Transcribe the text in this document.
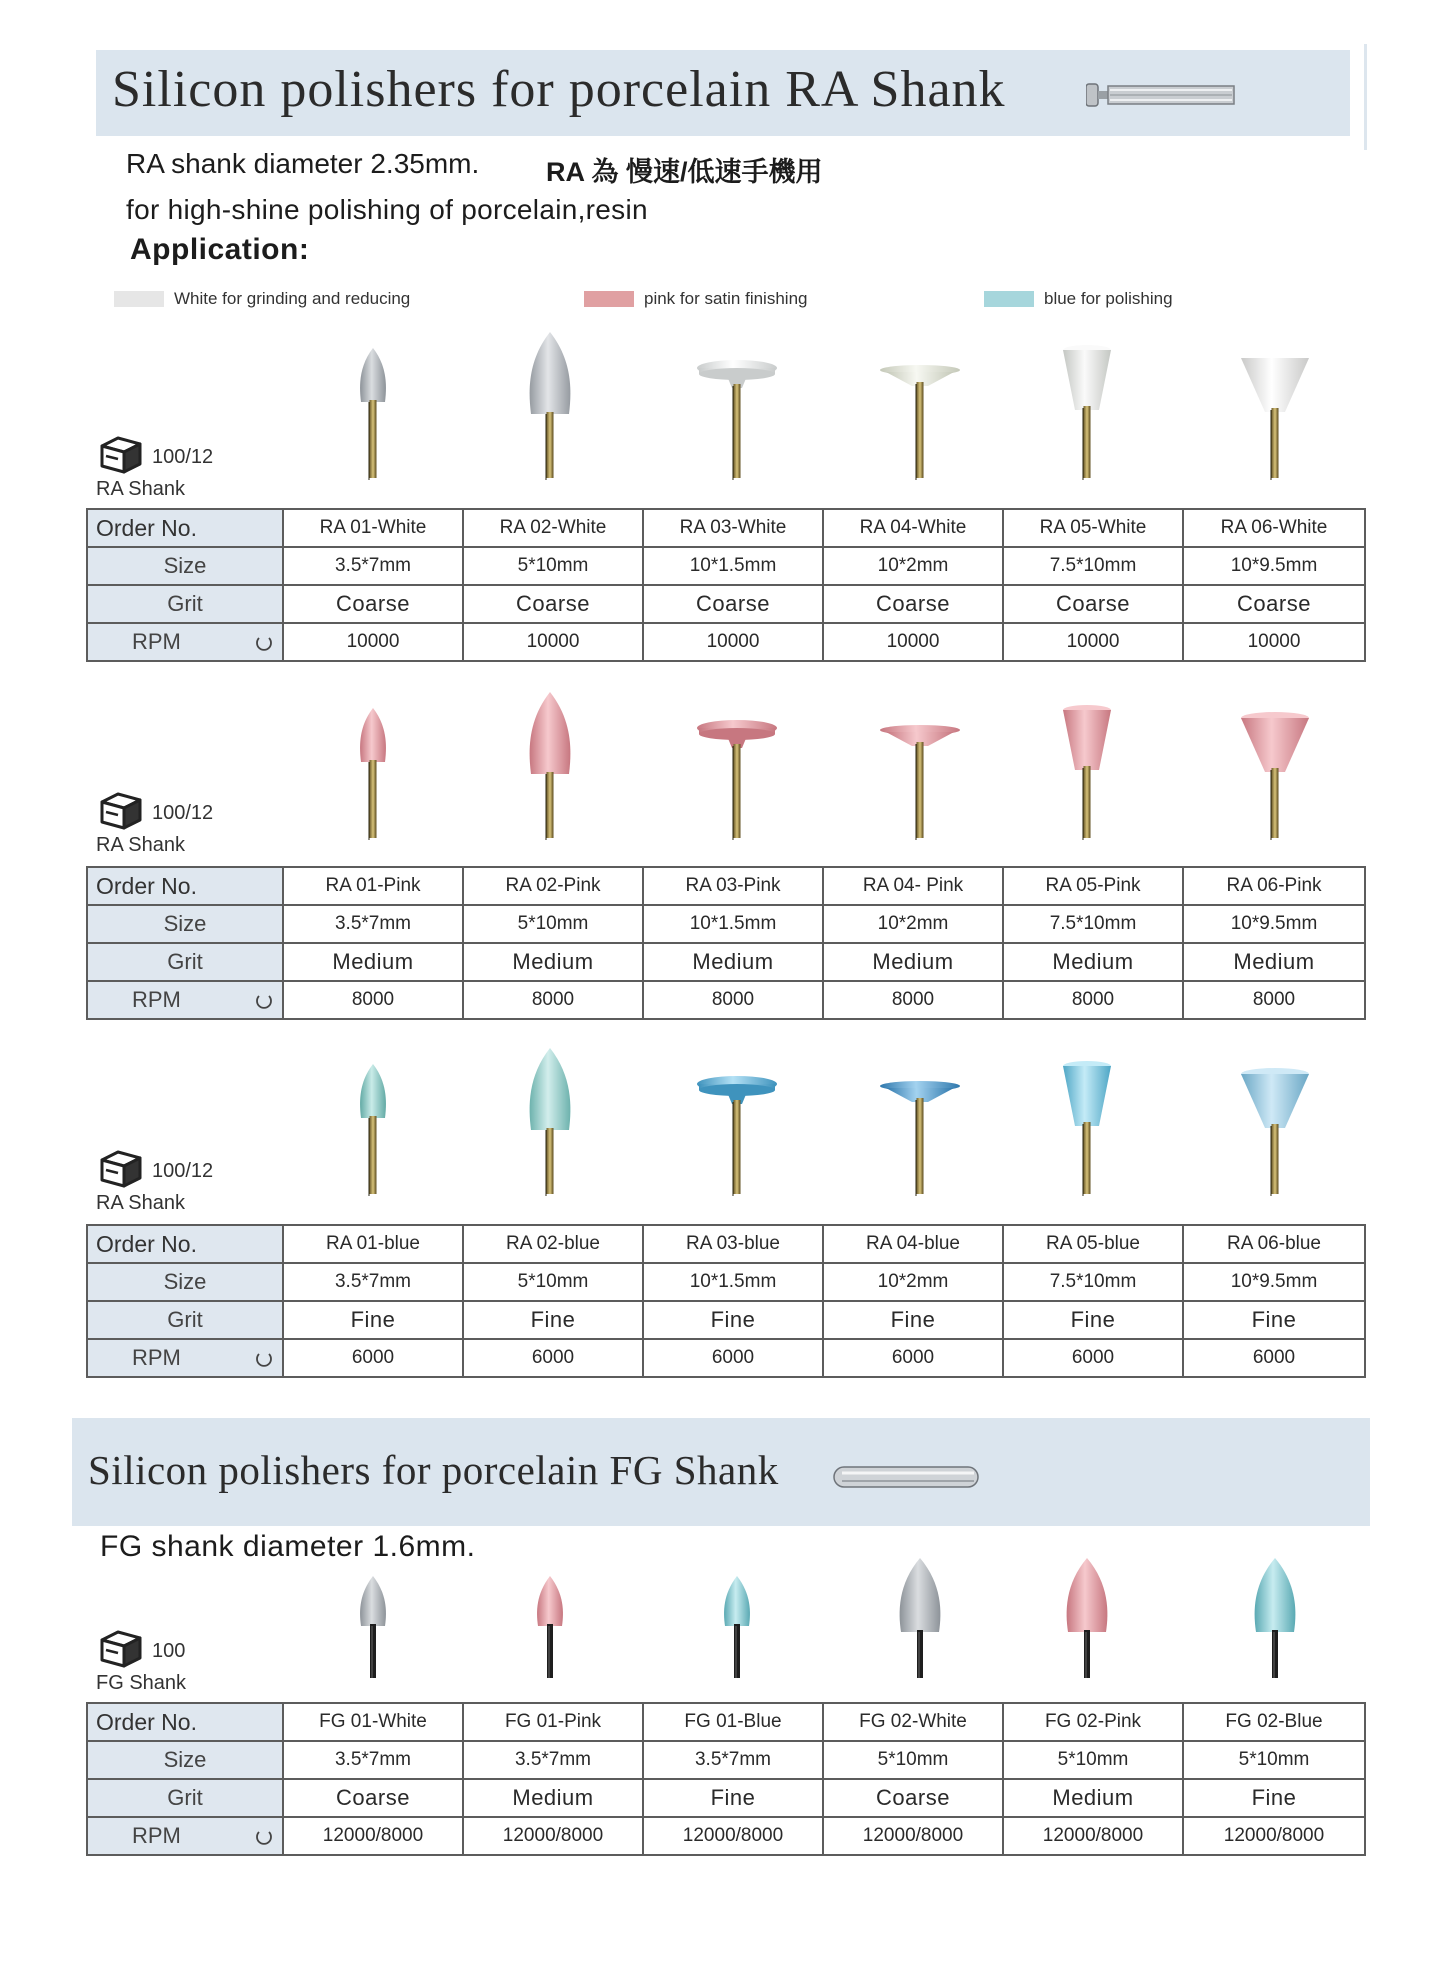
Silicon polishers for porcelain RA Shank
RA shank diameter 2.35mm. RA 為 慢速/低速手機用
for high-shine polishing of porcelain,resin
Application:
White for grinding and reducing	pink for satin finishing	blue for polishing
100/12
RA Shank
Order No.	RA 01-White	RA 02-White	RA 03-White	RA 04-White	RA 05-White	RA 06-White
Size	3.5*7mm	5*10mm	10*1.5mm	10*2mm	7.5*10mm	10*9.5mm
Grit	Coarse	Coarse	Coarse	Coarse	Coarse	Coarse
RPM	10000	10000	10000	10000	10000	10000
100/12
RA Shank
Order No.	RA 01-Pink	RA 02-Pink	RA 03-Pink	RA 04- Pink	RA 05-Pink	RA 06-Pink
Size	3.5*7mm	5*10mm	10*1.5mm	10*2mm	7.5*10mm	10*9.5mm
Grit	Medium	Medium	Medium	Medium	Medium	Medium
RPM	8000	8000	8000	8000	8000	8000
100/12
RA Shank
Order No.	RA 01-blue	RA 02-blue	RA 03-blue	RA 04-blue	RA 05-blue	RA 06-blue
Size	3.5*7mm	5*10mm	10*1.5mm	10*2mm	7.5*10mm	10*9.5mm
Grit	Fine	Fine	Fine	Fine	Fine	Fine
RPM	6000	6000	6000	6000	6000	6000
Silicon polishers for porcelain FG Shank
FG shank diameter 1.6mm.
100
FG Shank
Order No.	FG 01-White	FG 01-Pink	FG 01-Blue	FG 02-White	FG 02-Pink	FG 02-Blue
Size	3.5*7mm	3.5*7mm	3.5*7mm	5*10mm	5*10mm	5*10mm
Grit	Coarse	Medium	Fine	Coarse	Medium	Fine
RPM	12000/8000	12000/8000	12000/8000	12000/8000	12000/8000	12000/8000
